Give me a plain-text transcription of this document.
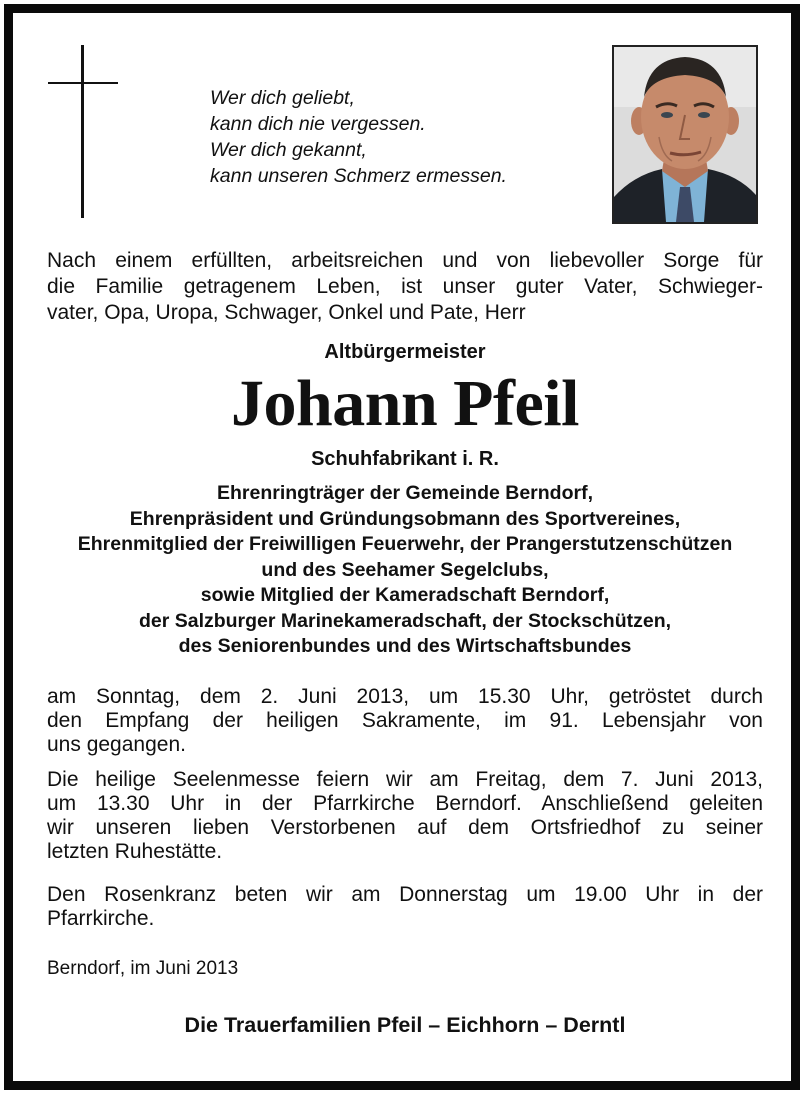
Wer dich geliebt,
kann dich nie vergessen.
Wer dich gekannt,
kann unseren Schmerz ermessen.
Nach einem erfüllten, arbeitsreichen und von liebevoller Sorge für
die Familie getragenem Leben, ist unser guter Vater, Schwieger-
vater, Opa, Uropa, Schwager, Onkel und Pate, Herr
Altbürgermeister
Johann Pfeil
Schuhfabrikant i. R.
Ehrenringträger der Gemeinde Berndorf,
Ehrenpräsident und Gründungsobmann des Sportvereines,
Ehrenmitglied der Freiwilligen Feuerwehr, der Prangerstutzenschützen
und des Seehamer Segelclubs,
sowie Mitglied der Kameradschaft Berndorf,
der Salzburger Marinekameradschaft, der Stockschützen,
des Seniorenbundes und des Wirtschaftsbundes
am Sonntag, dem 2. Juni 2013, um 15.30 Uhr, getröstet durch
den Empfang der heiligen Sakramente, im 91. Lebensjahr von
uns gegangen.
Die heilige Seelenmesse feiern wir am Freitag, dem 7. Juni 2013,
um 13.30 Uhr in der Pfarrkirche Berndorf. Anschließend geleiten
wir unseren lieben Verstorbenen auf dem Ortsfriedhof zu seiner
letzten Ruhestätte.
Den Rosenkranz beten wir am Donnerstag um 19.00 Uhr in der
Pfarrkirche.
Berndorf, im Juni 2013
Die Trauerfamilien Pfeil – Eichhorn – Derntl
